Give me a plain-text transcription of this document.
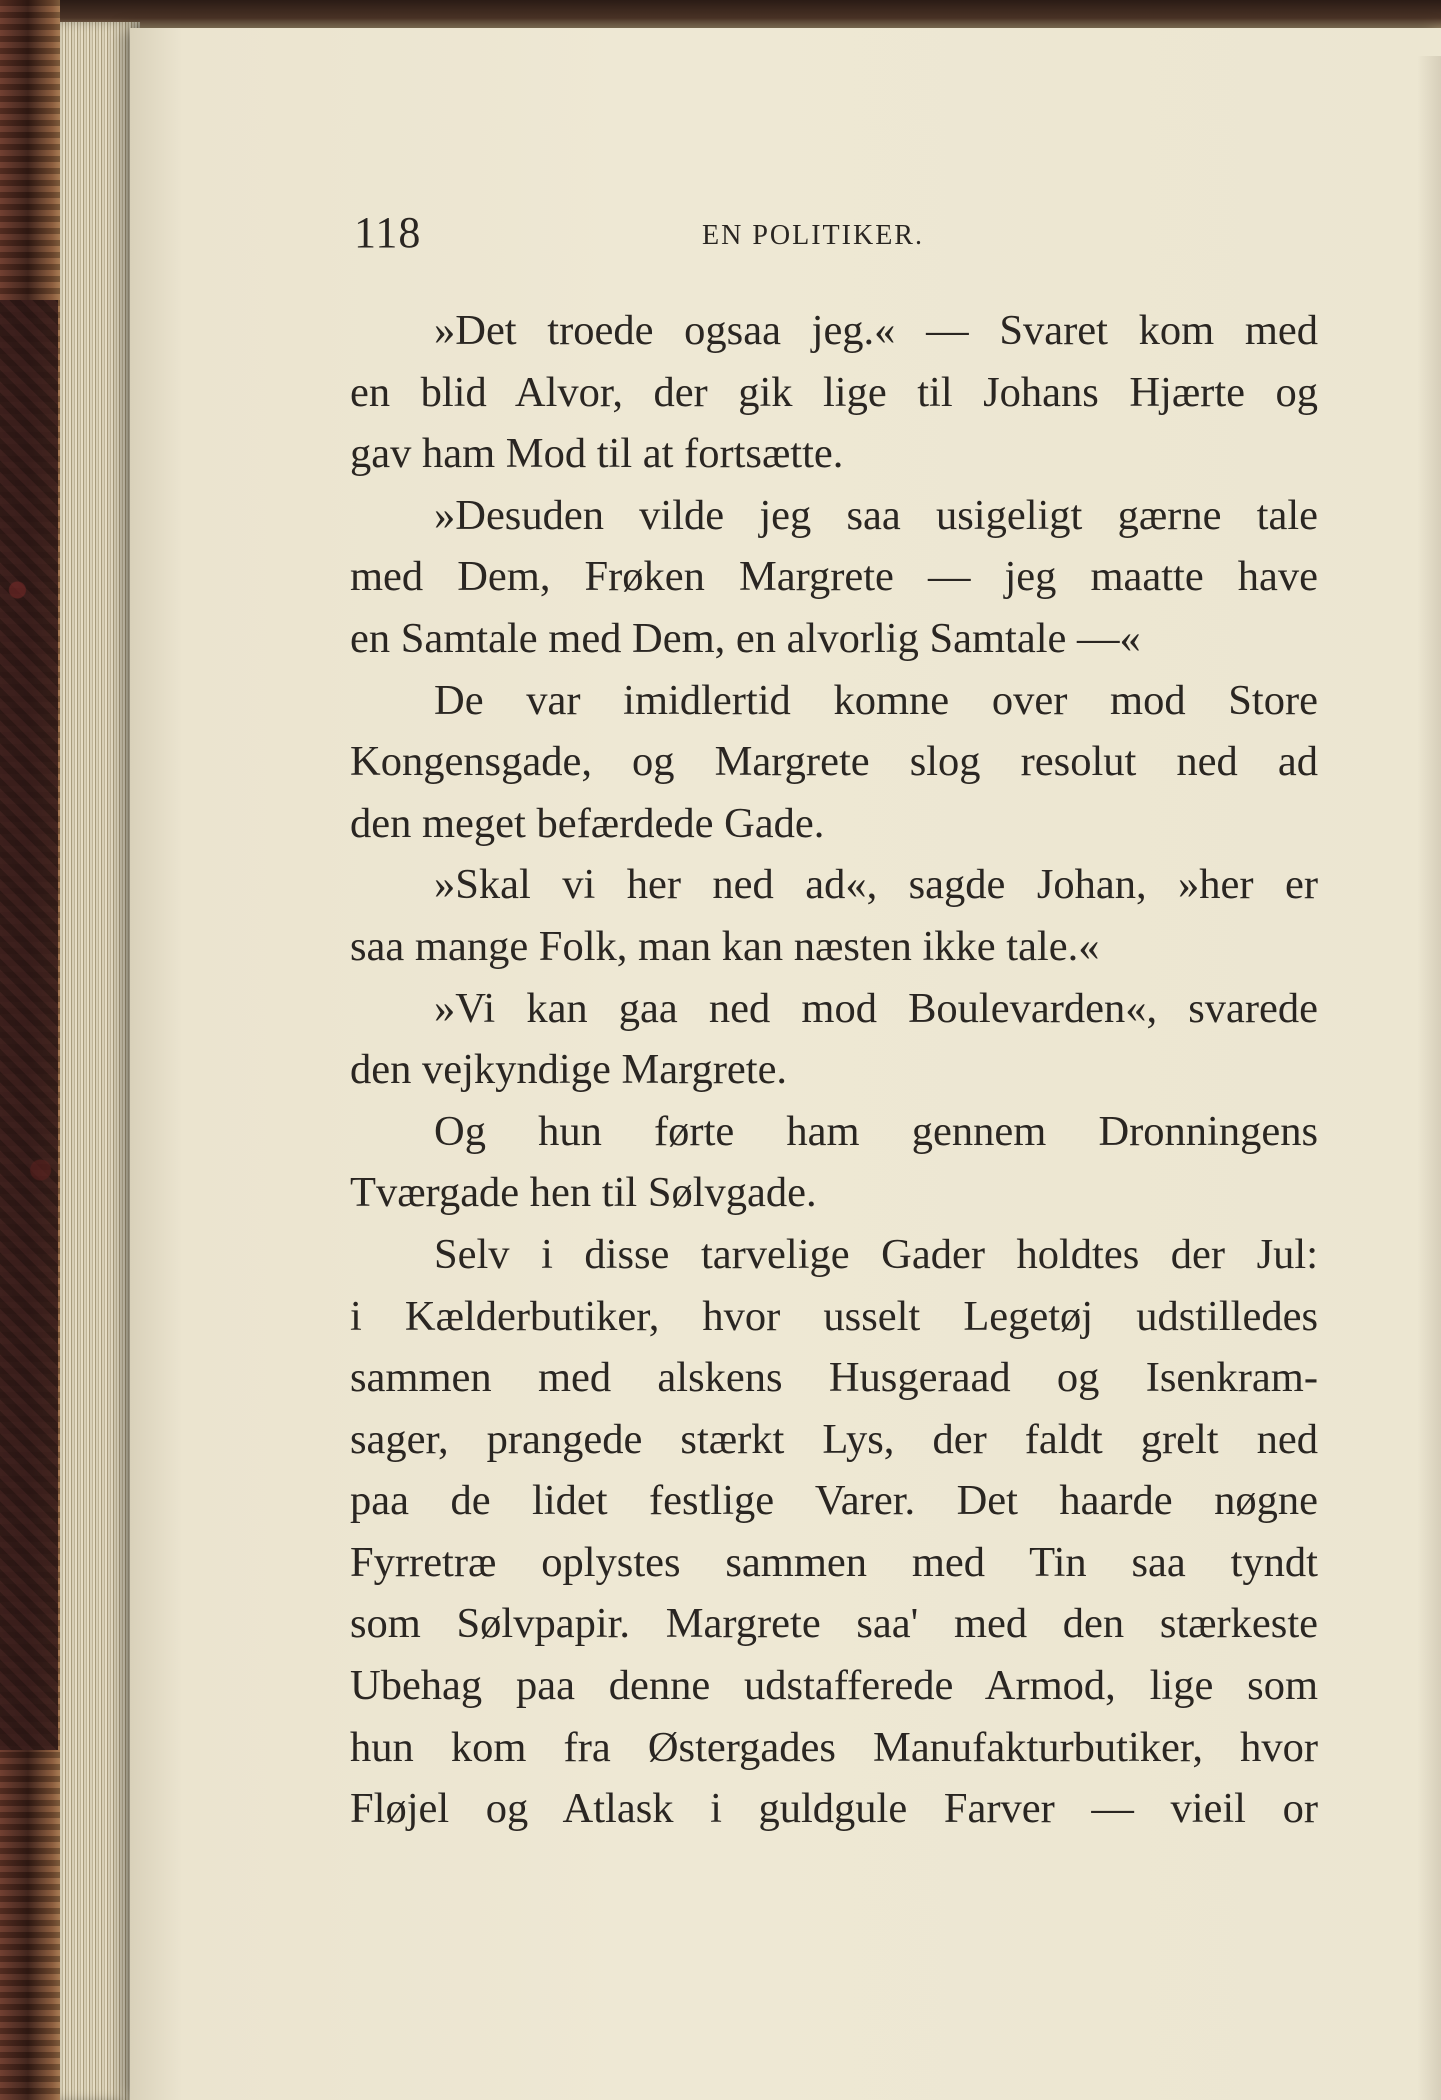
118	EN POLITIKER.
»Det troede ogsaa jeg.« — Svaret kom med
en blid Alvor, der gik lige til Johans Hjærte og
gav ham Mod til at fortsætte.
»Desuden vilde jeg saa usigeligt gærne tale
med Dem, Frøken Margrete — jeg maatte have
en Samtale med Dem, en alvorlig Samtale —«
De var imidlertid komne over mod Store
Kongensgade, og Margrete slog resolut ned ad
den meget befærdede Gade.
»Skal vi her ned ad«, sagde Johan, »her er
saa mange Folk, man kan næsten ikke tale.«
»Vi kan gaa ned mod Boulevarden«, svarede
den vejkyndige Margrete.
Og hun førte ham gennem Dronningens
Tværgade hen til Sølvgade.
Selv i disse tarvelige Gader holdtes der Jul:
i Kælderbutiker, hvor usselt Legetøj udstilledes
sammen med alskens Husgeraad og Isenkram-
sager, prangede stærkt Lys, der faldt grelt ned
paa de lidet festlige Varer. Det haarde nøgne
Fyrretræ oplystes sammen med Tin saa tyndt
som Sølvpapir. Margrete saa' med den stærkeste
Ubehag paa denne udstafferede Armod, lige som
hun kom fra Østergades Manufakturbutiker, hvor
Fløjel og Atlask i guldgule Farver — vieil or
